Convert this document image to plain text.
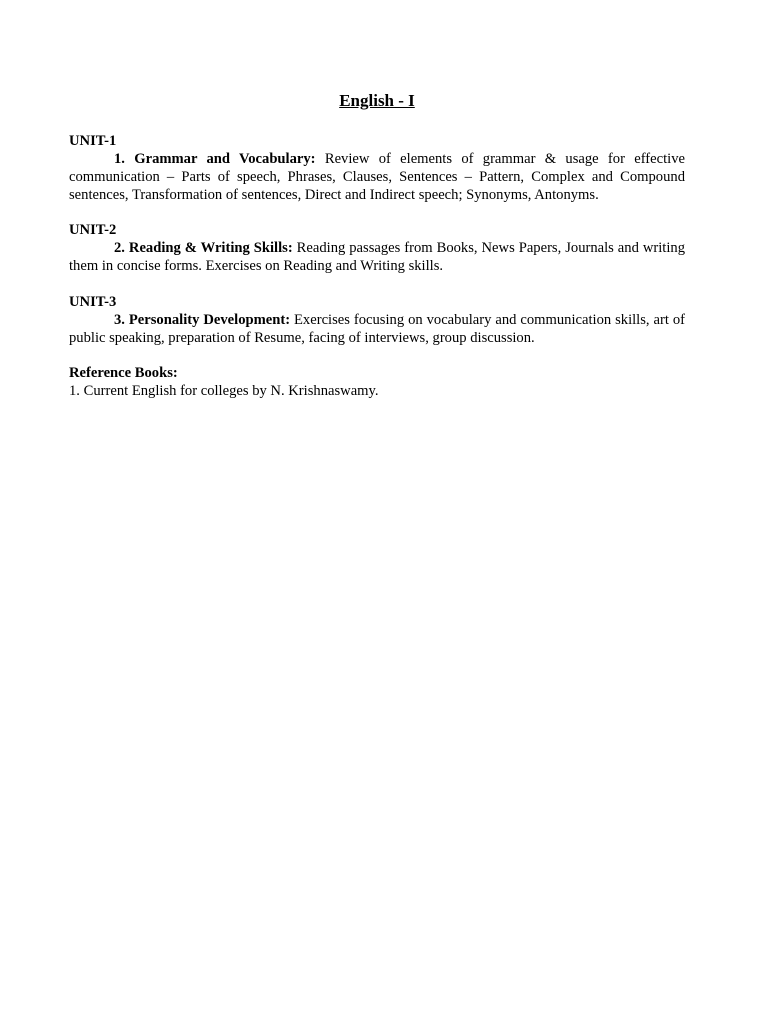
English - I

UNIT-1

1. Grammar and Vocabulary: Review of elements of grammar & usage for effective communication – Parts of speech, Phrases, Clauses, Sentences – Pattern, Complex and Compound sentences, Transformation of sentences, Direct and Indirect speech; Synonyms, Antonyms.

UNIT-2

2. Reading & Writing Skills: Reading passages from Books, News Papers, Journals and writing them in concise forms. Exercises on Reading and Writing skills.

UNIT-3

3. Personality Development: Exercises focusing on vocabulary and communication skills, art of public speaking, preparation of Resume, facing of interviews, group discussion.

Reference Books:

1. Current English for colleges by N. Krishnaswamy.
